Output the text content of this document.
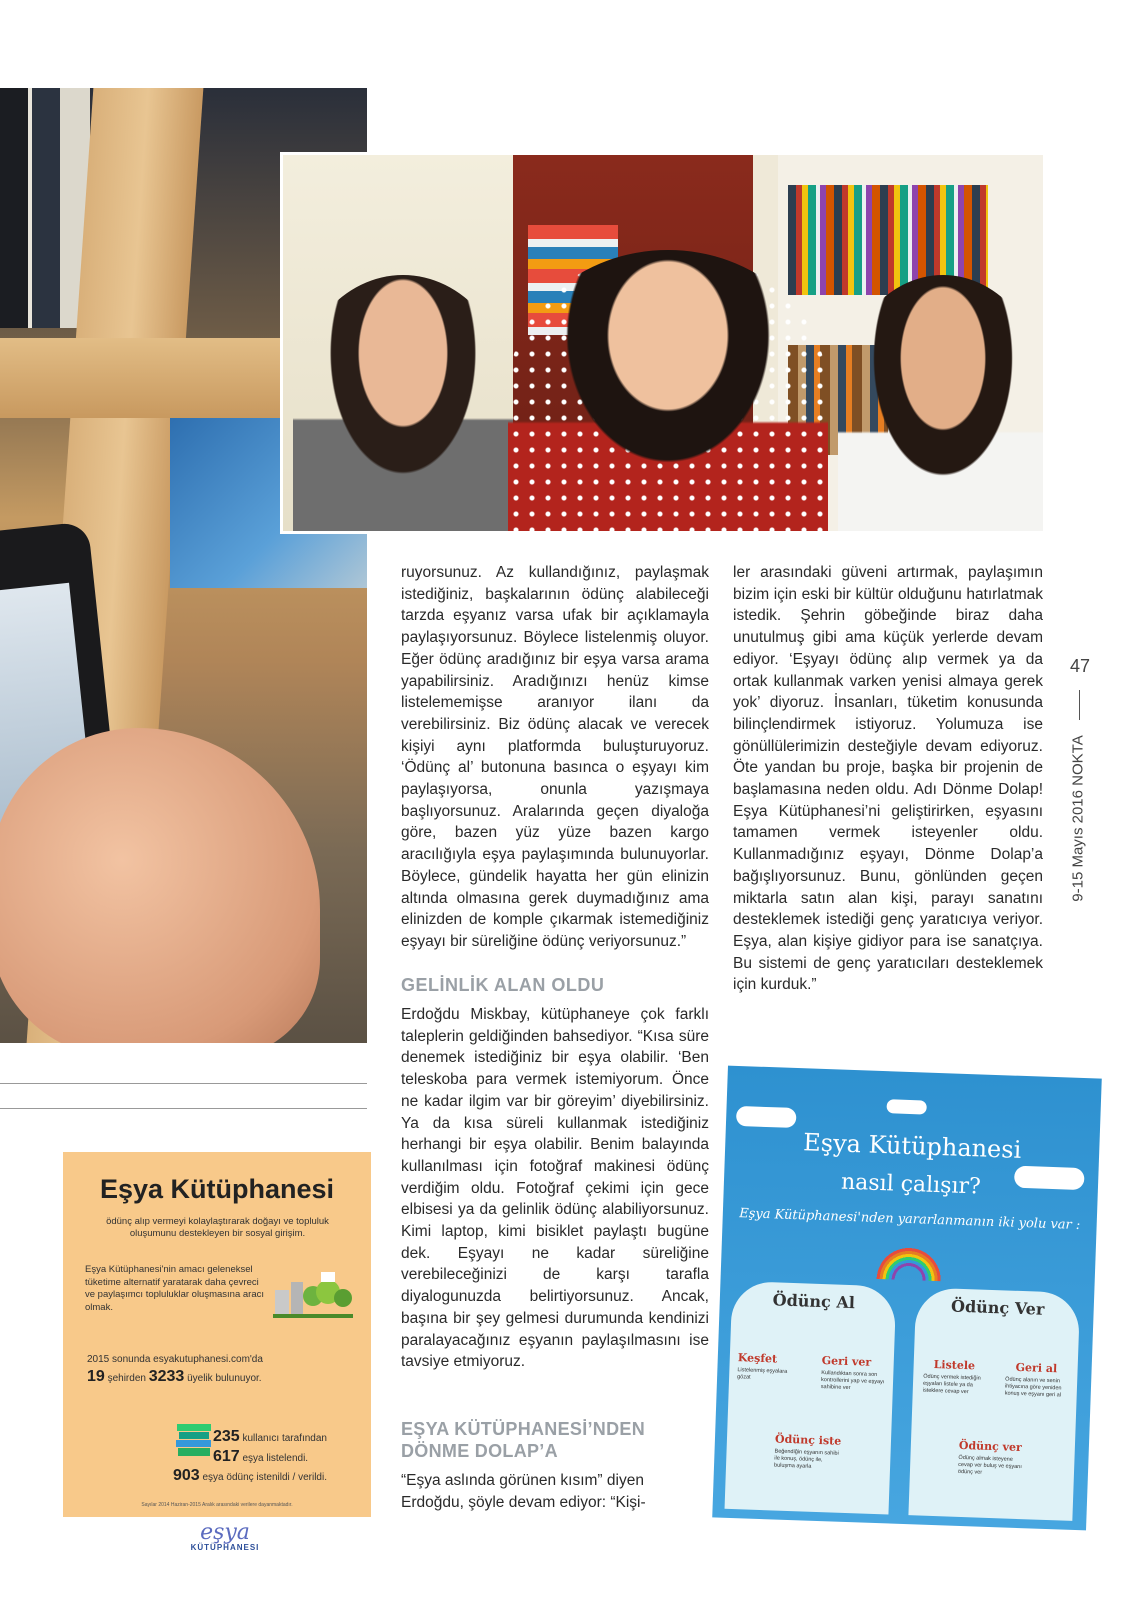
ruyorsunuz. Az kullandığınız, paylaşmak istediğiniz, başkalarının ödünç alabileceği tarzda eşyanız varsa ufak bir açıklamayla paylaşıyorsunuz. Böylece listelenmiş oluyor. Eğer ödünç aradığınız bir eşya varsa arama yapabilirsiniz. Aradığınızı henüz kimse listelememişse aranıyor ilanı da verebilirsiniz. Biz ödünç alacak ve verecek kişiyi aynı platformda buluşturuyoruz. ‘Ödünç al’ butonuna basınca o eşyayı kim paylaşıyorsa, onunla yazışmaya başlıyorsunuz. Aralarında geçen diyaloğa göre, bazen yüz yüze bazen kargo aracılığıyla eşya paylaşımında bulunuyorlar. Böylece, gündelik hayatta her gün elinizin altında olmasına gerek duymadığınız ama elinizden de komple çıkarmak istemediğiniz eşyayı bir süreliğine ödünç veriyorsunuz.”

GELİNLİK ALAN OLDU

Erdoğdu Miskbay, kütüphaneye çok farklı taleplerin geldiğinden bahsediyor. “Kısa süre denemek istediğiniz bir eşya olabilir. ‘Ben teleskoba para vermek istemiyorum. Önce ne kadar ilgim var bir göreyim’ diyebilirsiniz. Ya da kısa süreli kullanmak istediğiniz herhangi bir eşya olabilir. Benim balayında kullanılması için fotoğraf makinesi ödünç verdiğim oldu. Fotoğraf çekimi için gece elbisesi ya da gelinlik ödünç alabiliyorsunuz. Kimi laptop, kimi bisiklet paylaştı bugüne dek. Eşyayı ne kadar süreliğine verebileceğinizi de karşı tarafla diyalogunuzda belirtiyorsunuz. Ancak, başına bir şey gelmesi durumunda kendinizi paralayacağınız eşyanın paylaşılmasını ise tavsiye etmiyoruz.

EŞYA KÜTÜPHANESİ’NDEN DÖNME DOLAP’A

“Eşya aslında görünen kısım” diyen Erdoğdu, şöyle devam ediyor: “Kişi-

ler arasındaki güveni artırmak, paylaşımın bizim için eski bir kültür olduğunu hatırlatmak istedik. Şehrin göbeğinde biraz daha unutulmuş gibi ama küçük yerlerde devam ediyor. ‘Eşyayı ödünç alıp vermek ya da ortak kullanmak varken yenisi almaya gerek yok’ diyoruz. İnsanları, tüketim konusunda bilinçlendirmek istiyoruz. Yolumuza ise gönüllülerimizin desteğiyle devam ediyoruz. Öte yandan bu proje, başka bir projenin de başlamasına neden oldu. Adı Dönme Dolap! Eşya Kütüphanesi’ni geliştirirken, eşyasını tamamen vermek isteyenler oldu. Kullanmadığınız eşyayı, Dönme Dolap’a bağışlıyorsunuz. Bunu, gönlünden geçen miktarla satın alan kişi, parayı sanatını desteklemek istediği genç yaratıcıya veriyor. Eşya, alan kişiye gidiyor para ise sanatçıya. Bu sistemi de genç yaratıcıları desteklemek için kurduk.”

47
9-15 Mayıs 2016 NOKTA
Eşya Kütüphanesi
ödünç alıp vermeyi kolaylaştırarak doğayı ve topluluk oluşumunu destekleyen bir sosyal girişim.
Eşya Kütüphanesi'nin amacı geleneksel tüketime alternatif yaratarak daha çevreci ve paylaşımcı topluluklar oluşmasına aracı olmak.
2015 sonunda esyakutuphanesi.com'da
19 şehirden 3233 üyelik bulunuyor.
235 kullanıcı tarafından
617 eşya listelendi.
903 eşya ödünç istenildi / verildi.
Sayılar 2014 Haziran-2015 Aralık arasındaki verilere dayanmaktadır.
eşya
KÜTÜPHANESI
Eşya Kütüphanesi
nasıl çalışır?
Eşya Kütüphanesi'nden yararlanmanın iki yolu var :
Ödünç Al
Keşfet
Listelenmiş eşyalara gözat
Geri ver
Kullandıktan sonra son kontrollerini yap ve eşyayı sahibine ver
Ödünç iste
Beğendiğin eşyanın sahibi ile konuş, ödünç ile, buluşma ayarla
Ödünç Ver
Listele
Ödünç vermek istediğin eşyaları listele ya da isteklere cevap ver
Geri al
Ödünç alanın ve senin ihtiyacına göre yeniden konuş ve eşyanı geri al
Ödünç ver
Ödünç almak isteyene cevap ver buluş ve eşyanı ödünç ver
